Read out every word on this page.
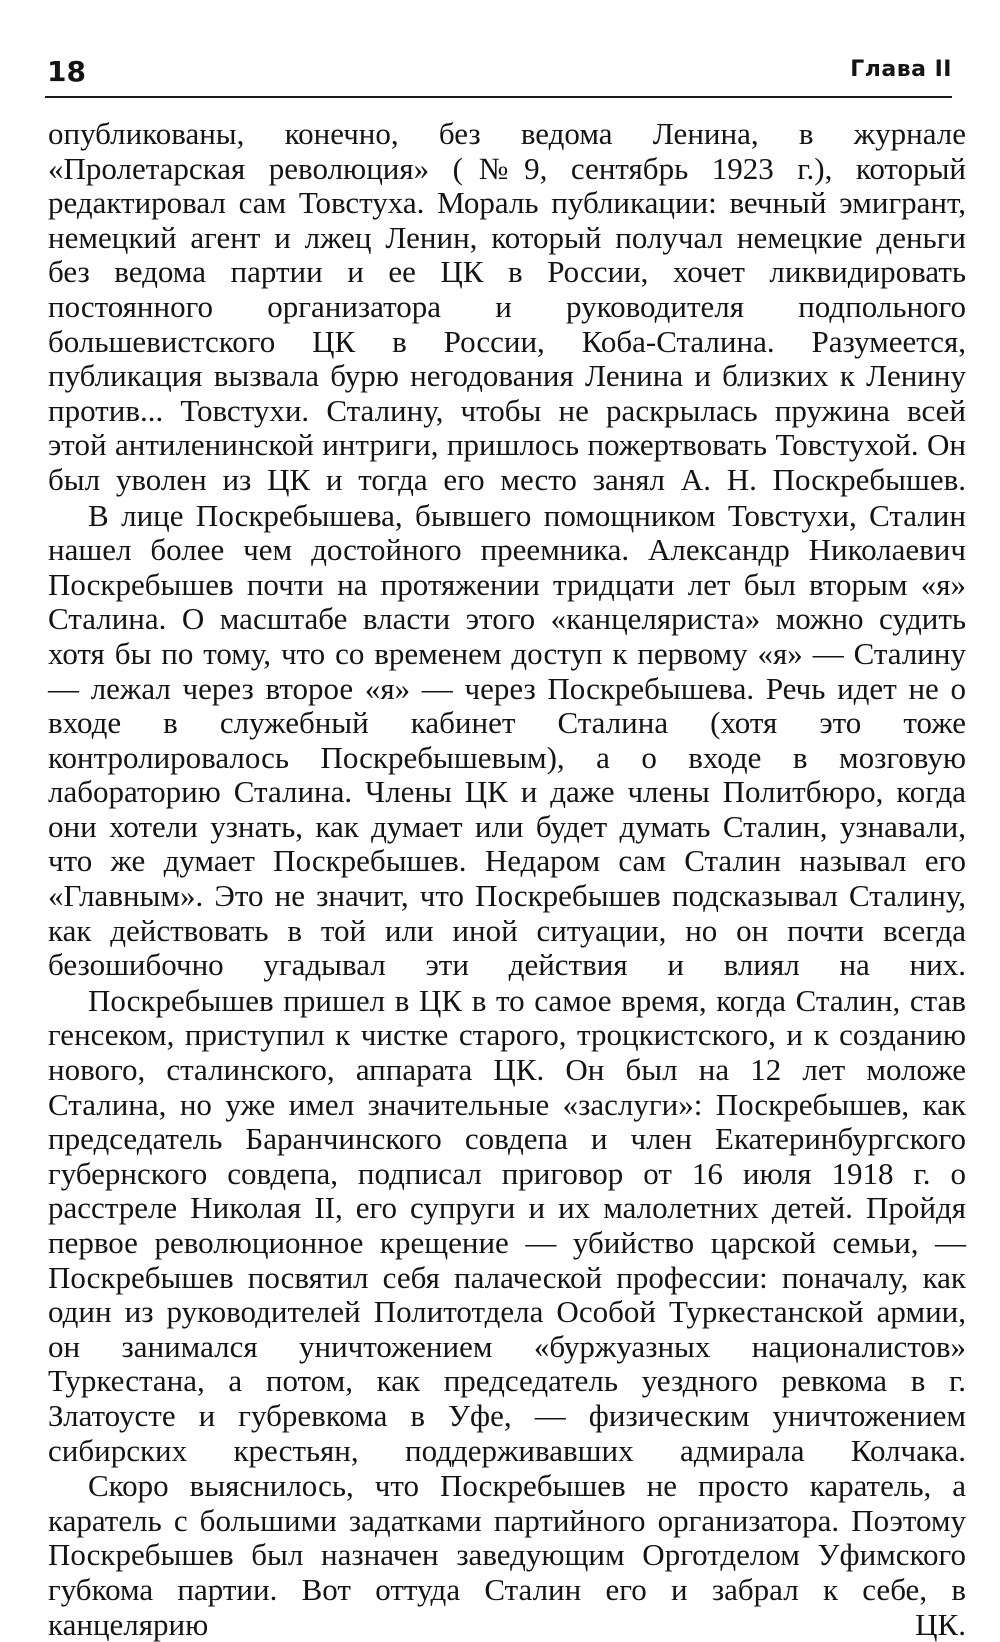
18	Глава II

опубликованы, конечно, без ведома Ленина, в журнале «Пролетарская революция» (№9, сентябрь 1923 г.), который редактировал сам Товстуха. Мораль публикации: вечный эмигрант, немецкий агент и лжец Ленин, который получал немецкие деньги без ведома партии и ее ЦК в России, хочет ликвидировать постоянного организатора и руководителя подпольного большевистского ЦК в России, Коба-Сталина. Разумеется, публикация вызвала бурю негодования Ленина и близких к Ленину против... Товстухи. Сталину, чтобы не раскрылась пружина всей этой антиленинской интриги, пришлось пожертвовать Товстухой. Он был уволен из ЦК и тогда его место занял А. Н. Поскребышев.

В лице Поскребышева, бывшего помощником Товстухи, Сталин нашел более чем достойного преемника. Александр Николаевич Поскребышев почти на протяжении тридцати лет был вторым «я» Сталина. О масштабе власти этого «канцеляриста» можно судить хотя бы по тому, что со временем доступ к первому «я» — Сталину — лежал через второе «я» — через Поскребышева. Речь идет не о входе в служебный кабинет Сталина (хотя это тоже контролировалось Поскребышевым), а о входе в мозговую лабораторию Сталина. Члены ЦК и даже члены Политбюро, когда они хотели узнать, как думает или будет думать Сталин, узнавали, что же думает Поскребышев. Недаром сам Сталин называл его «Главным». Это не значит, что Поскребышев подсказывал Сталину, как действовать в той или иной ситуации, но он почти всегда безошибочно угадывал эти действия и влиял на них.

Поскребышев пришел в ЦК в то самое время, когда Сталин, став генсеком, приступил к чистке старого, троцкистского, и к созданию нового, сталинского, аппарата ЦК. Он был на 12 лет моложе Сталина, но уже имел значительные «заслуги»: Поскребышев, как председатель Баранчинского совдепа и член Екатеринбургского губернского совдепа, подписал приговор от 16 июля 1918 г. о расстреле Николая II, его супруги и их малолетних детей. Пройдя первое революционное крещение — убийство царской семьи, — Поскребышев посвятил себя палаческой профессии: поначалу, как один из руководителей Политотдела Особой Туркестанской армии, он занимался уничтожением «буржуазных националистов» Туркестана, а потом, как председатель уездного ревкома в г. Златоусте и губревкома в Уфе, — физическим уничтожением сибирских крестьян, поддерживавших адмирала Колчака.

Скоро выяснилось, что Поскребышев не просто каратель, а каратель с большими задатками партийного организатора. Поэтому Поскребышев был назначен заведующим Орготделом Уфимского губкома партии. Вот оттуда Сталин его и забрал к себе, в канцелярию ЦК.
